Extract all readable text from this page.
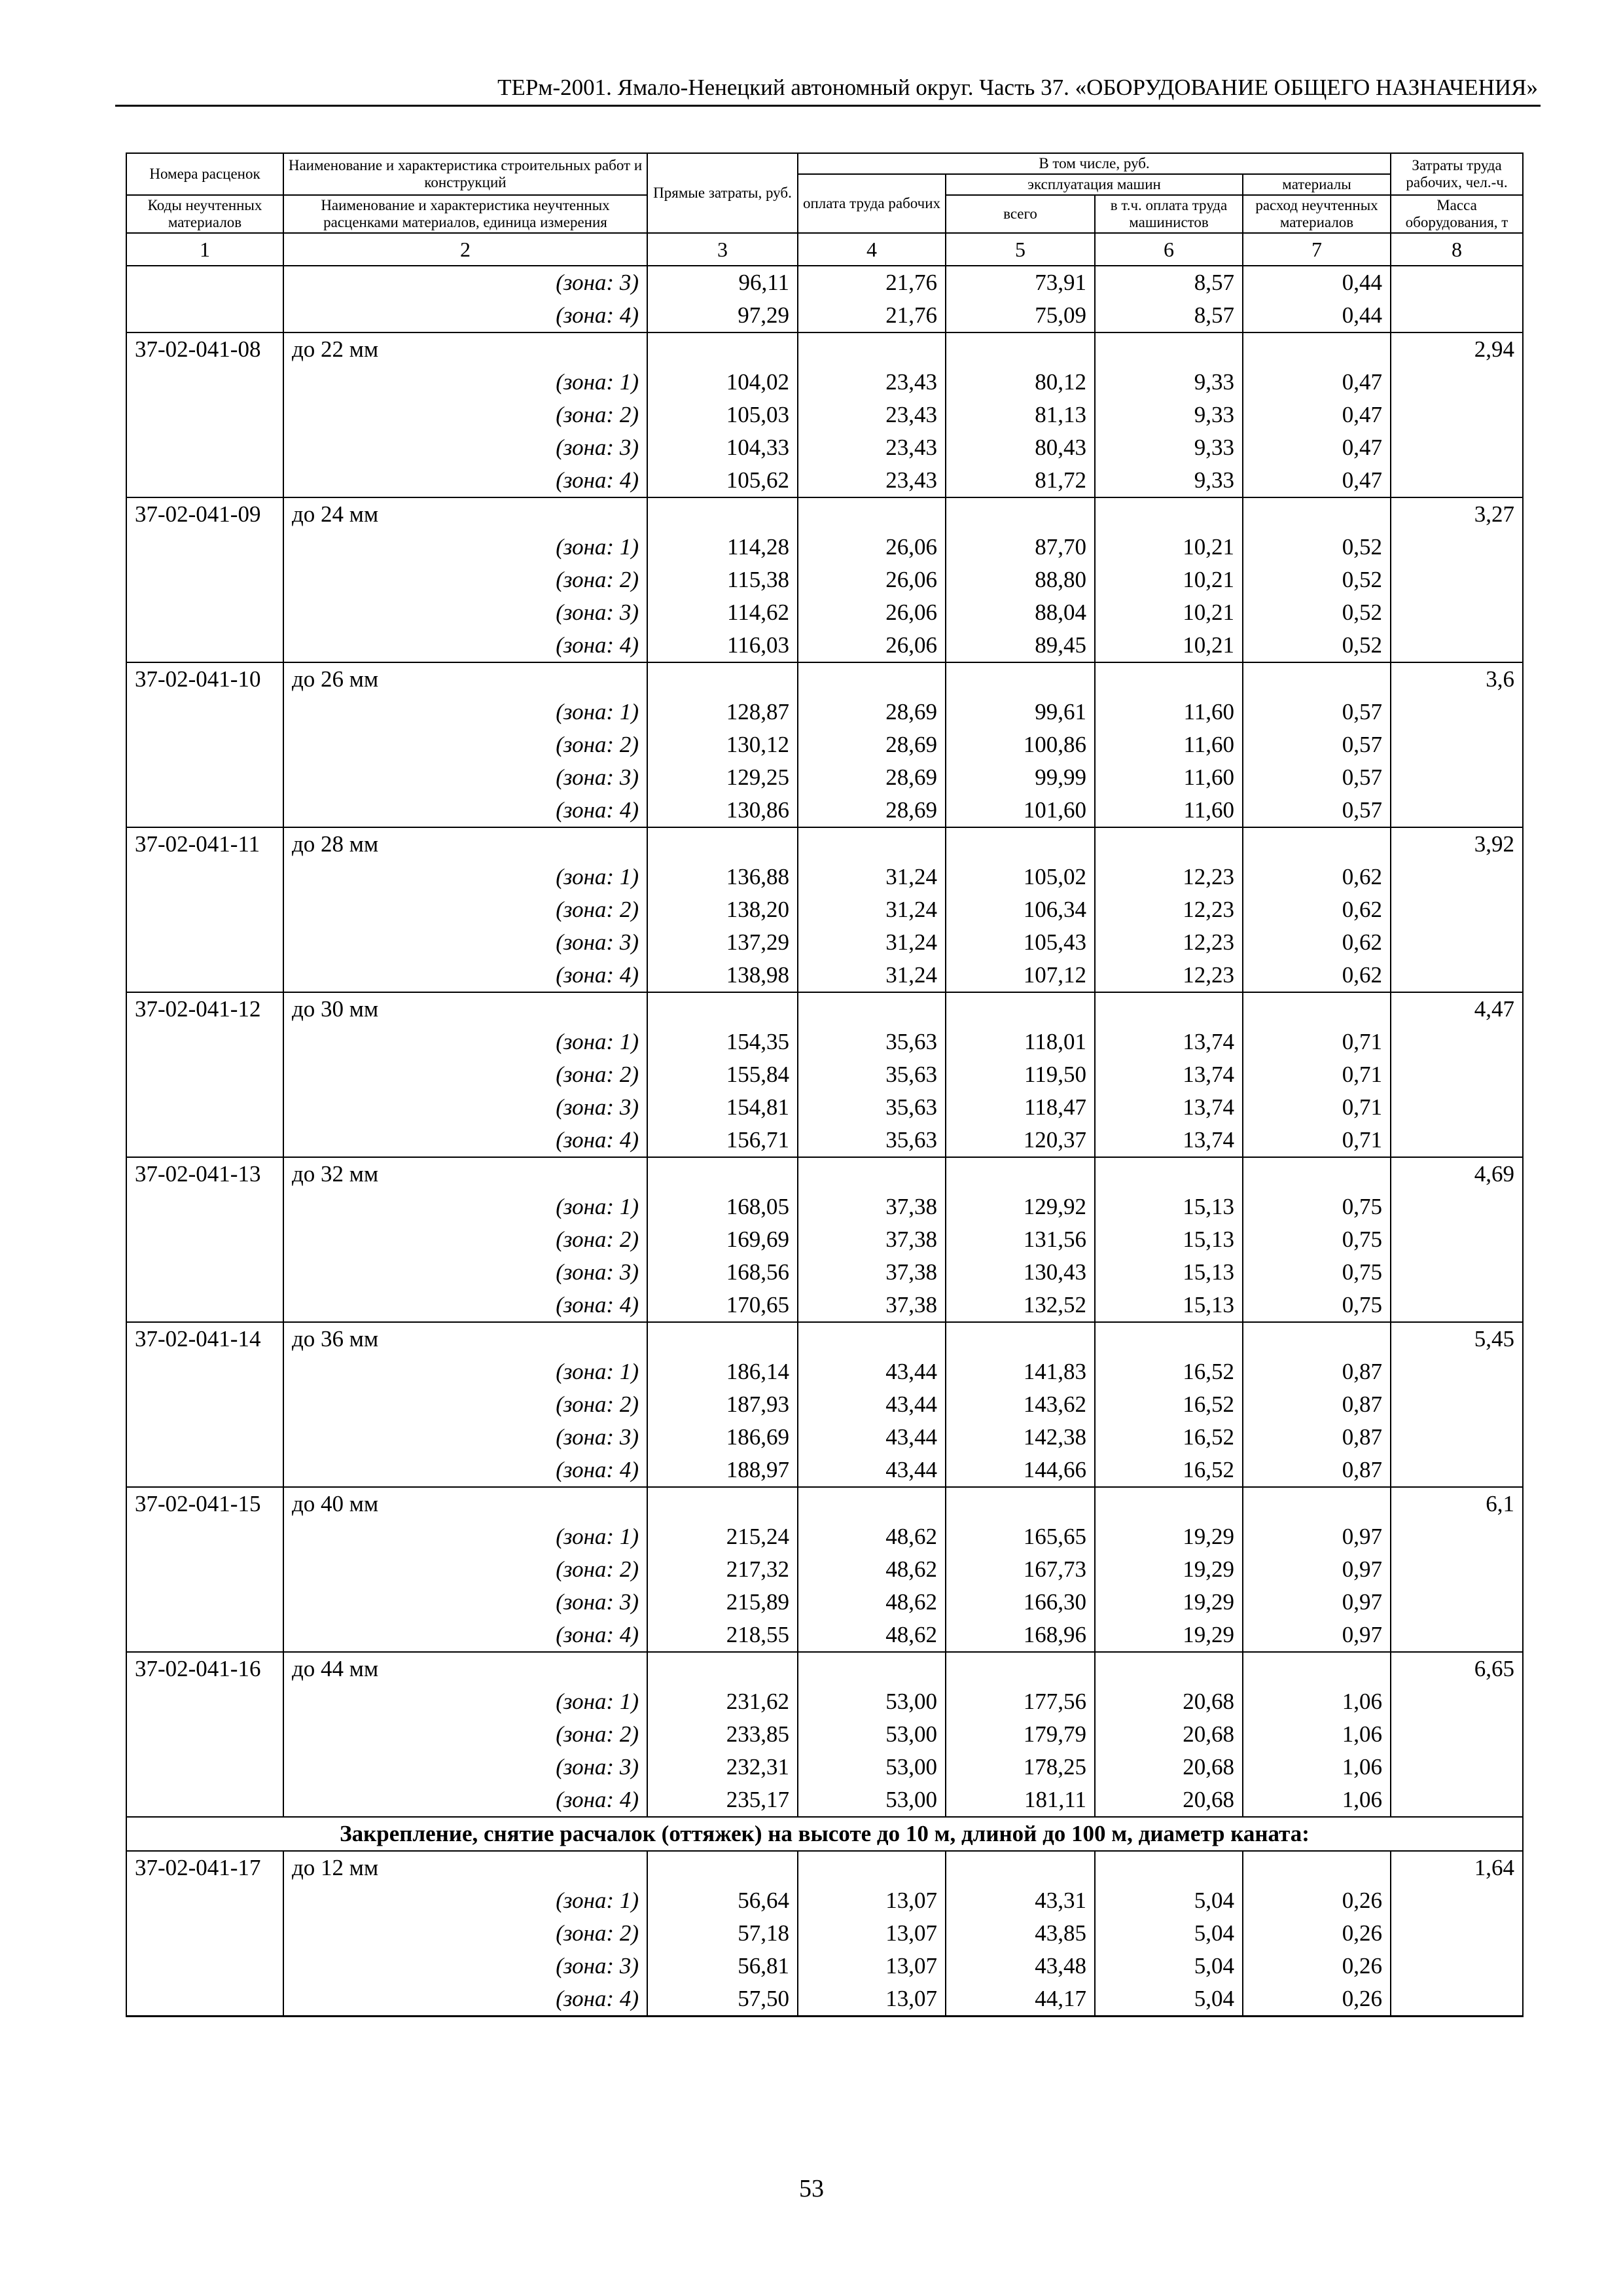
ТЕРм-2001. Ямало-Ненецкий автономный округ. Часть 37. «ОБОРУДОВАНИЕ ОБЩЕГО НАЗНАЧЕНИЯ»
Номера расценок	Наименование и характеристика строительных работ и конструкций	Прямые затраты, руб.	В том числе, руб.				Затраты труда рабочих, чел.-ч.
			оплата труда рабочих	эксплуатация машин		материалы	
Коды неучтенных материалов	Наименование и характеристика неучтенных расценками материалов, единица измерения			всего	в т.ч. оплата труда машинистов	расход неучтенных материалов	Масса оборудования, т
1	2	3	4	5	6	7	8
	(зона: 3)	96,11	21,76	73,91	8,57	0,44	
	(зона: 4)	97,29	21,76	75,09	8,57	0,44	
37-02-041-08	до 22 мм						2,94
	(зона: 1)	104,02	23,43	80,12	9,33	0,47	
	(зона: 2)	105,03	23,43	81,13	9,33	0,47	
	(зона: 3)	104,33	23,43	80,43	9,33	0,47	
	(зона: 4)	105,62	23,43	81,72	9,33	0,47	
37-02-041-09	до 24 мм						3,27
	(зона: 1)	114,28	26,06	87,70	10,21	0,52	
	(зона: 2)	115,38	26,06	88,80	10,21	0,52	
	(зона: 3)	114,62	26,06	88,04	10,21	0,52	
	(зона: 4)	116,03	26,06	89,45	10,21	0,52	
37-02-041-10	до 26 мм						3,6
	(зона: 1)	128,87	28,69	99,61	11,60	0,57	
	(зона: 2)	130,12	28,69	100,86	11,60	0,57	
	(зона: 3)	129,25	28,69	99,99	11,60	0,57	
	(зона: 4)	130,86	28,69	101,60	11,60	0,57	
37-02-041-11	до 28 мм						3,92
	(зона: 1)	136,88	31,24	105,02	12,23	0,62	
	(зона: 2)	138,20	31,24	106,34	12,23	0,62	
	(зона: 3)	137,29	31,24	105,43	12,23	0,62	
	(зона: 4)	138,98	31,24	107,12	12,23	0,62	
37-02-041-12	до 30 мм						4,47
	(зона: 1)	154,35	35,63	118,01	13,74	0,71	
	(зона: 2)	155,84	35,63	119,50	13,74	0,71	
	(зона: 3)	154,81	35,63	118,47	13,74	0,71	
	(зона: 4)	156,71	35,63	120,37	13,74	0,71	
37-02-041-13	до 32 мм						4,69
	(зона: 1)	168,05	37,38	129,92	15,13	0,75	
	(зона: 2)	169,69	37,38	131,56	15,13	0,75	
	(зона: 3)	168,56	37,38	130,43	15,13	0,75	
	(зона: 4)	170,65	37,38	132,52	15,13	0,75	
37-02-041-14	до 36 мм						5,45
	(зона: 1)	186,14	43,44	141,83	16,52	0,87	
	(зона: 2)	187,93	43,44	143,62	16,52	0,87	
	(зона: 3)	186,69	43,44	142,38	16,52	0,87	
	(зона: 4)	188,97	43,44	144,66	16,52	0,87	
37-02-041-15	до 40 мм						6,1
	(зона: 1)	215,24	48,62	165,65	19,29	0,97	
	(зона: 2)	217,32	48,62	167,73	19,29	0,97	
	(зона: 3)	215,89	48,62	166,30	19,29	0,97	
	(зона: 4)	218,55	48,62	168,96	19,29	0,97	
37-02-041-16	до 44 мм						6,65
	(зона: 1)	231,62	53,00	177,56	20,68	1,06	
	(зона: 2)	233,85	53,00	179,79	20,68	1,06	
	(зона: 3)	232,31	53,00	178,25	20,68	1,06	
	(зона: 4)	235,17	53,00	181,11	20,68	1,06	
Закрепление, снятие расчалок (оттяжек) на высоте до 10 м, длиной до 100 м, диаметр каната:							
37-02-041-17	до 12 мм						1,64
	(зона: 1)	56,64	13,07	43,31	5,04	0,26	
	(зона: 2)	57,18	13,07	43,85	5,04	0,26	
	(зона: 3)	56,81	13,07	43,48	5,04	0,26	
	(зона: 4)	57,50	13,07	44,17	5,04	0,26	
53
